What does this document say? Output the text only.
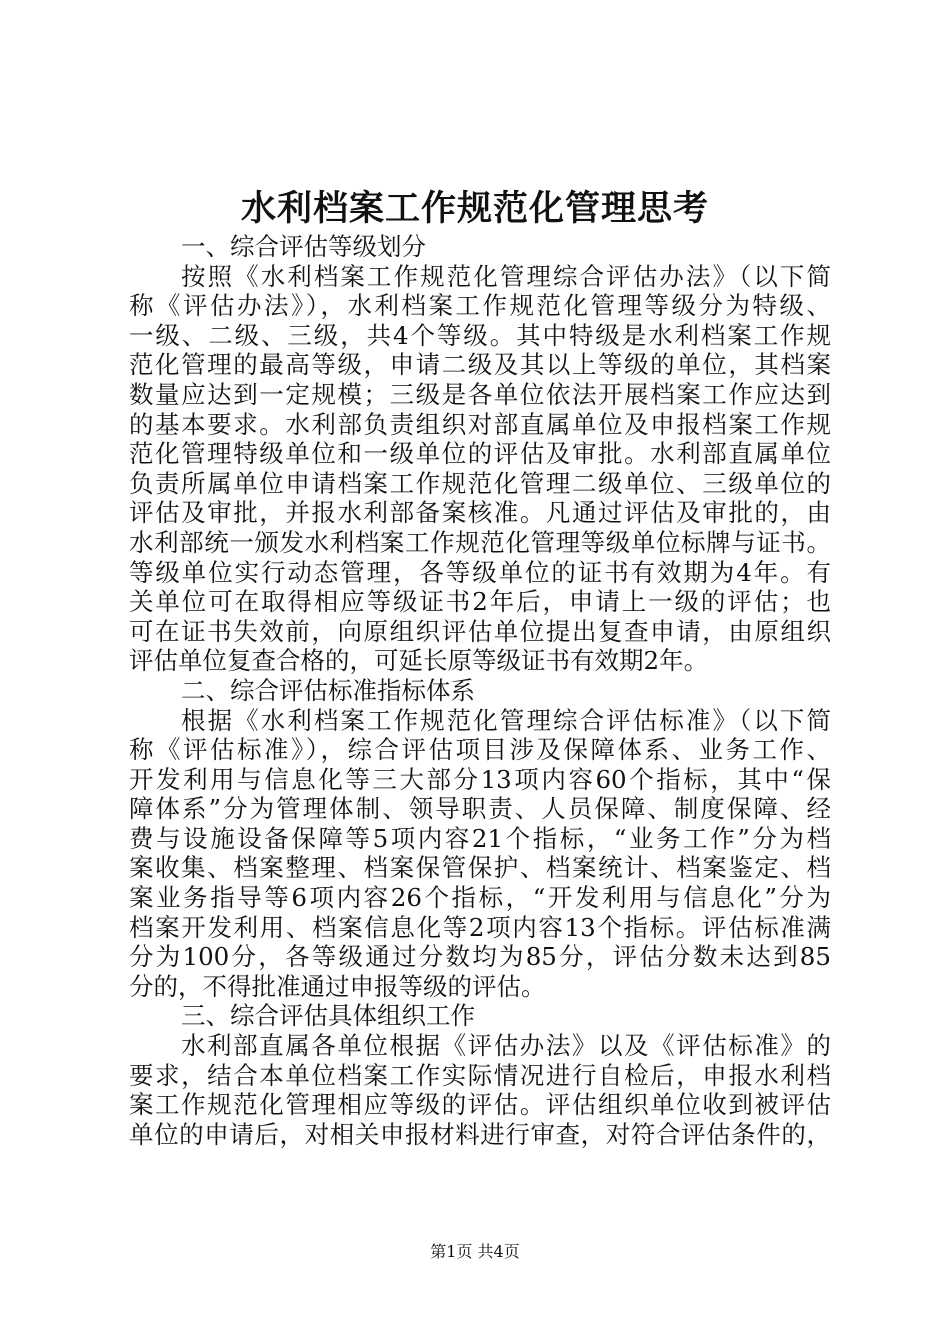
水利档案工作规范化管理思考
一、综合评估等级划分
按照《水利档案工作规范化管理综合评估办法》（以下简
称《评估办法》），水利档案工作规范化管理等级分为特级、
一级、二级、三级，共4个等级。其中特级是水利档案工作规
范化管理的最高等级，申请二级及其以上等级的单位，其档案
数量应达到一定规模；三级是各单位依法开展档案工作应达到
的基本要求。水利部负责组织对部直属单位及申报档案工作规
范化管理特级单位和一级单位的评估及审批。水利部直属单位
负责所属单位申请档案工作规范化管理二级单位、三级单位的
评估及审批，并报水利部备案核准。凡通过评估及审批的，由
水利部统一颁发水利档案工作规范化管理等级单位标牌与证书。
等级单位实行动态管理，各等级单位的证书有效期为4年。有
关单位可在取得相应等级证书2年后，申请上一级的评估；也
可在证书失效前，向原组织评估单位提出复查申请，由原组织
评估单位复查合格的，可延长原等级证书有效期2年。
二、综合评估标准指标体系
根据《水利档案工作规范化管理综合评估标准》（以下简
称《评估标准》），综合评估项目涉及保障体系、业务工作、
开发利用与信息化等三大部分13项内容60个指标，其中“保
障体系”分为管理体制、领导职责、人员保障、制度保障、经
费与设施设备保障等5项内容21个指标，“业务工作”分为档
案收集、档案整理、档案保管保护、档案统计、档案鉴定、档
案业务指导等6项内容26个指标，“开发利用与信息化”分为
档案开发利用、档案信息化等2项内容13个指标。评估标准满
分为100分，各等级通过分数均为85分，评估分数未达到85
分的，不得批准通过申报等级的评估。
三、综合评估具体组织工作
水利部直属各单位根据《评估办法》以及《评估标准》的
要求，结合本单位档案工作实际情况进行自检后，申报水利档
案工作规范化管理相应等级的评估。评估组织单位收到被评估
单位的申请后，对相关申报材料进行审查，对符合评估条件的，
第1页 共4页
